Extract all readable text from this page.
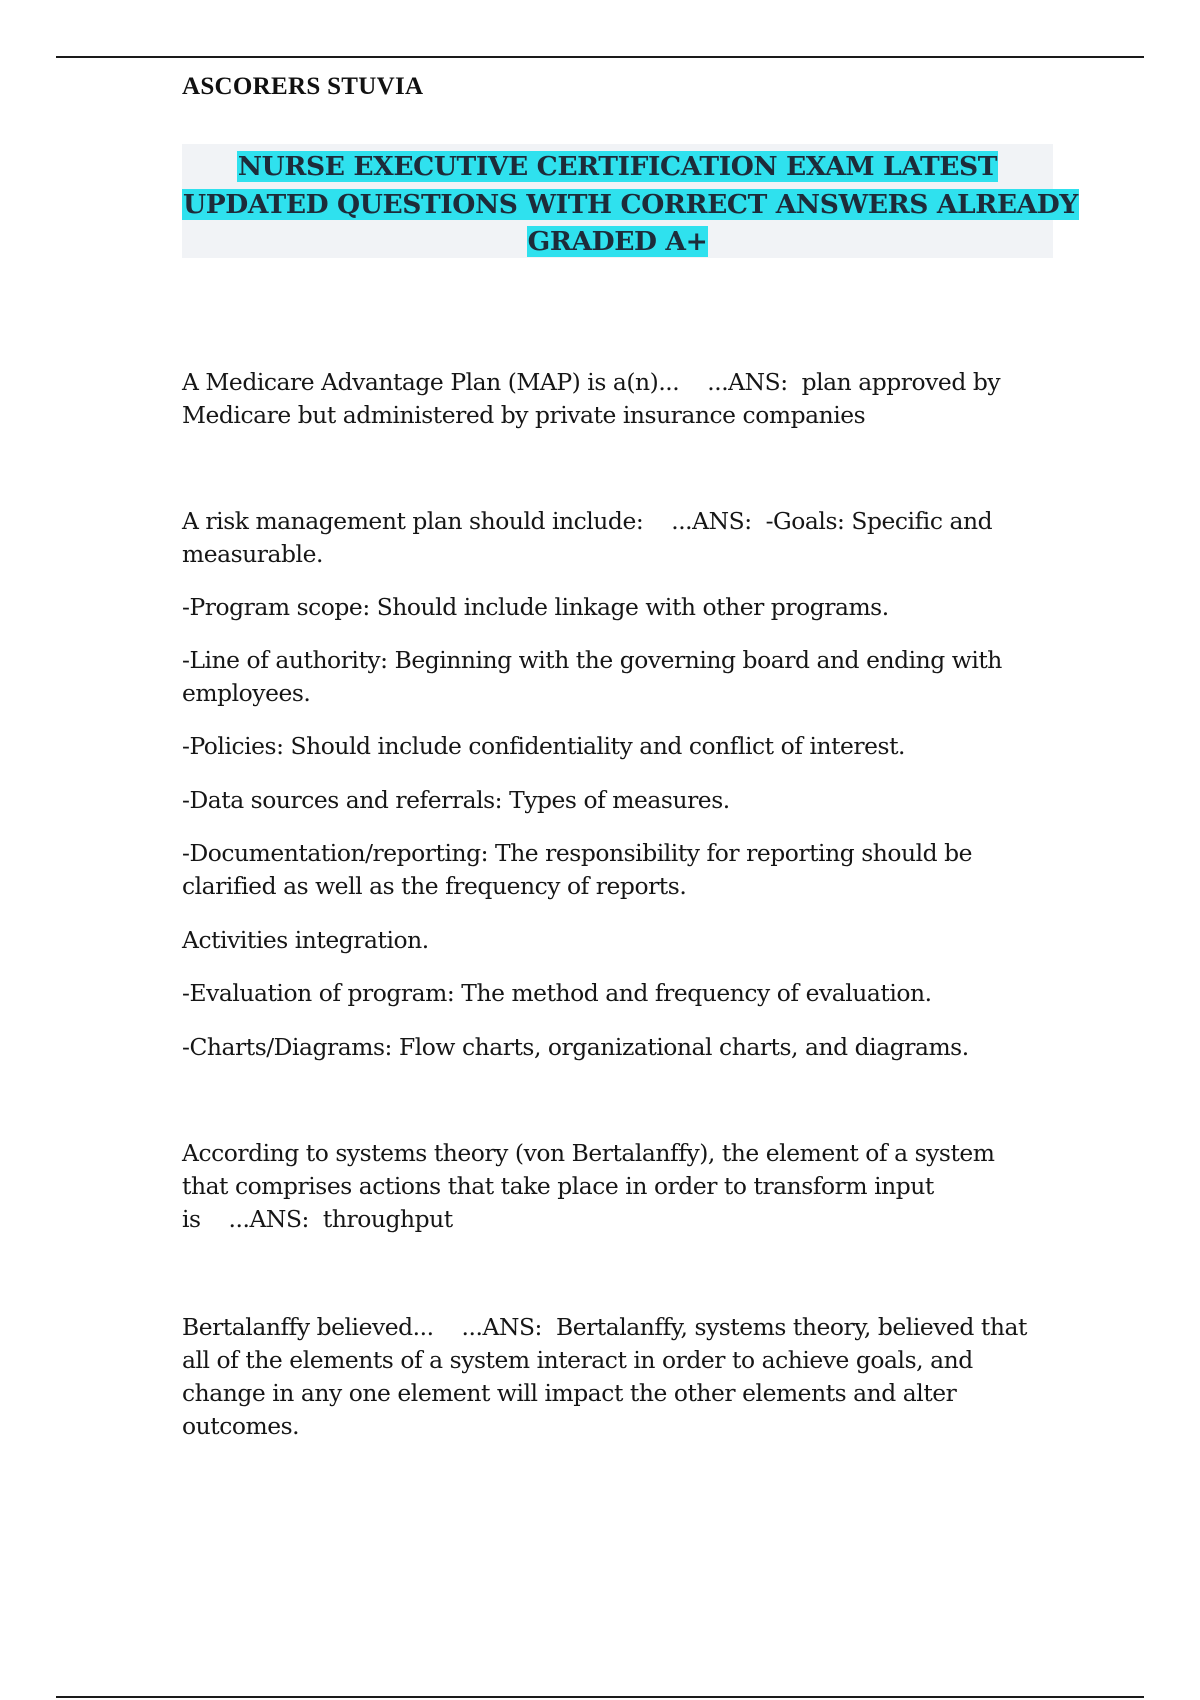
ASCORERS STUVIA
NURSE EXECUTIVE CERTIFICATION EXAM LATEST
UPDATED QUESTIONS WITH CORRECT ANSWERS ALREADY
GRADED A+
A Medicare Advantage Plan (MAP) is a(n)...    ...ANS:  plan approved by
Medicare but administered by private insurance companies
A risk management plan should include:    ...ANS:  -Goals: Specific and
measurable.
-Program scope: Should include linkage with other programs.
-Line of authority: Beginning with the governing board and ending with
employees.
-Policies: Should include confidentiality and conflict of interest.
-Data sources and referrals: Types of measures.
-Documentation/reporting: The responsibility for reporting should be
clarified as well as the frequency of reports.
Activities integration.
-Evaluation of program: The method and frequency of evaluation.
-Charts/Diagrams: Flow charts, organizational charts, and diagrams.
According to systems theory (von Bertalanffy), the element of a system
that comprises actions that take place in order to transform input
is    ...ANS:  throughput
Bertalanffy believed...    ...ANS:  Bertalanffy, systems theory, believed that
all of the elements of a system interact in order to achieve goals, and
change in any one element will impact the other elements and alter
outcomes.
